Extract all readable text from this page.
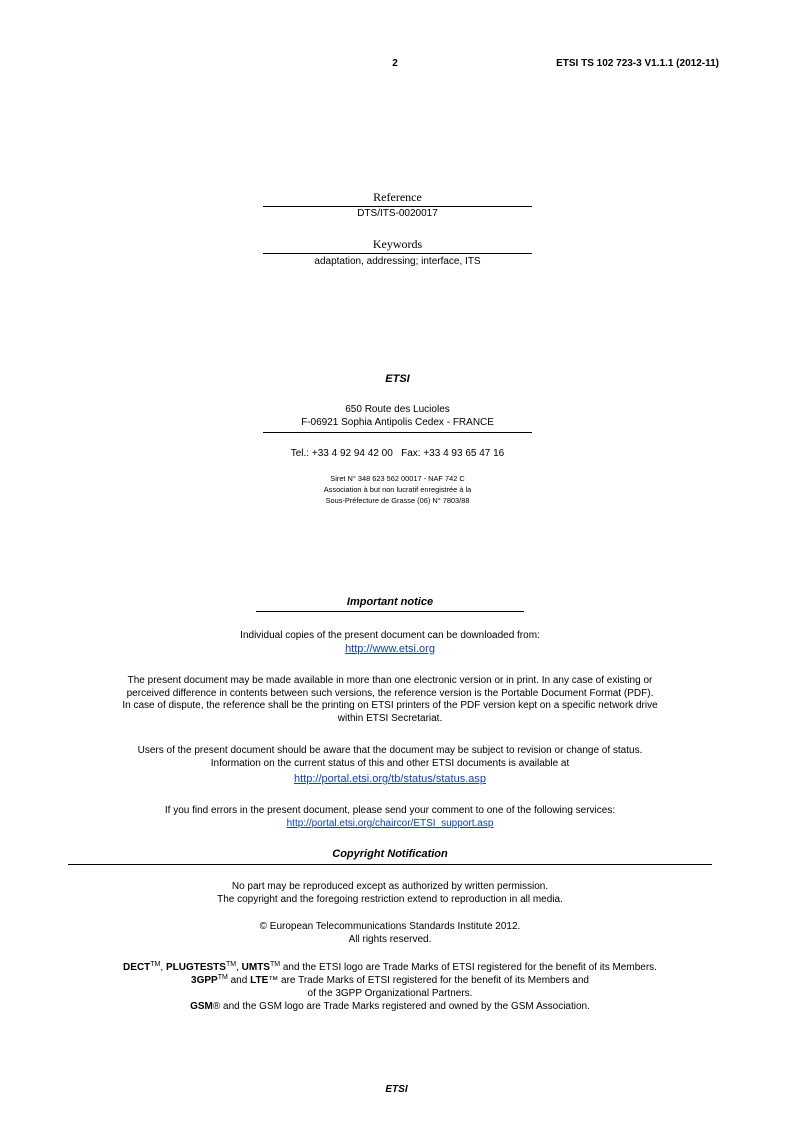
2	ETSI TS 102 723-3 V1.1.1 (2012-11)
Reference
DTS/ITS-0020017
Keywords
adaptation, addressing; interface, ITS
ETSI
650 Route des Lucioles
F-06921 Sophia Antipolis Cedex - FRANCE
Tel.: +33 4 92 94 42 00   Fax: +33 4 93 65 47 16
Siret N° 348 623 562 00017 - NAF 742 C
Association à but non lucratif enregistrée à la
Sous-Préfecture de Grasse (06) N° 7803/88
Important notice
Individual copies of the present document can be downloaded from:
http://www.etsi.org
The present document may be made available in more than one electronic version or in print. In any case of existing or
perceived difference in contents between such versions, the reference version is the Portable Document Format (PDF).
In case of dispute, the reference shall be the printing on ETSI printers of the PDF version kept on a specific network drive
within ETSI Secretariat.
Users of the present document should be aware that the document may be subject to revision or change of status.
Information on the current status of this and other ETSI documents is available at
http://portal.etsi.org/tb/status/status.asp
If you find errors in the present document, please send your comment to one of the following services:
http://portal.etsi.org/chaircor/ETSI_support.asp
Copyright Notification
No part may be reproduced except as authorized by written permission.
The copyright and the foregoing restriction extend to reproduction in all media.
© European Telecommunications Standards Institute 2012.
All rights reserved.
DECT™, PLUGTESTS™, UMTS™ and the ETSI logo are Trade Marks of ETSI registered for the benefit of its Members.
3GPP™ and LTE™ are Trade Marks of ETSI registered for the benefit of its Members and
of the 3GPP Organizational Partners.
GSM® and the GSM logo are Trade Marks registered and owned by the GSM Association.
ETSI
